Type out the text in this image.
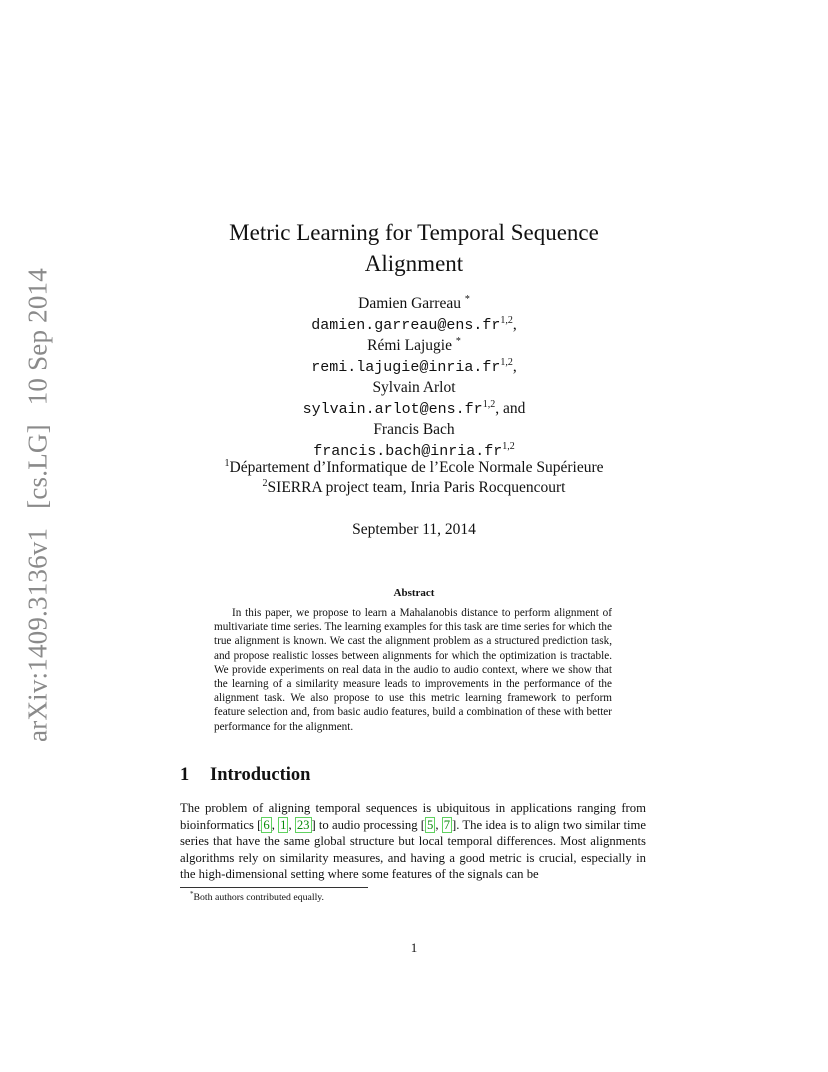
arXiv:1409.3136v1 [cs.LG] 10 Sep 2014
Metric Learning for Temporal Sequence
Alignment
Damien Garreau *
damien.garreau@ens.fr$^{1,2}$,
Rémi Lajugie *
remi.lajugie@inria.fr$^{1,2}$,
Sylvain Arlot
sylvain.arlot@ens.fr$^{1,2}$, and
Francis Bach
francis.bach@inria.fr$^{1,2}$
$^1$Département d’Informatique de l’Ecole Normale Supérieure
$^2$SIERRA project team, Inria Paris Rocquencourt
September 11, 2014
Abstract
In this paper, we propose to learn a Mahalanobis distance to perform alignment of multivariate time series. The learning examples for this task are time series for which the true alignment is known. We cast the alignment problem as a structured prediction task, and propose realistic losses between alignments for which the optimization is tractable. We provide experiments on real data in the audio to audio context, where we show that the learning of a similarity measure leads to improvements in the performance of the alignment task. We also propose to use this metric learning framework to perform feature selection and, from basic audio features, build a combination of these with better performance for the alignment.
1 Introduction
The problem of aligning temporal sequences is ubiquitous in applications ranging from bioinformatics [ 6 , 1 , 23 ] to audio processing [ 5 , 7 ]. The idea is to align two similar time series that have the same global structure but local temporal differences. Most alignments algorithms rely on similarity measures, and having a good metric is crucial, especially in the high-dimensional setting where some features of the signals can be
*Both authors contributed equally.
1
